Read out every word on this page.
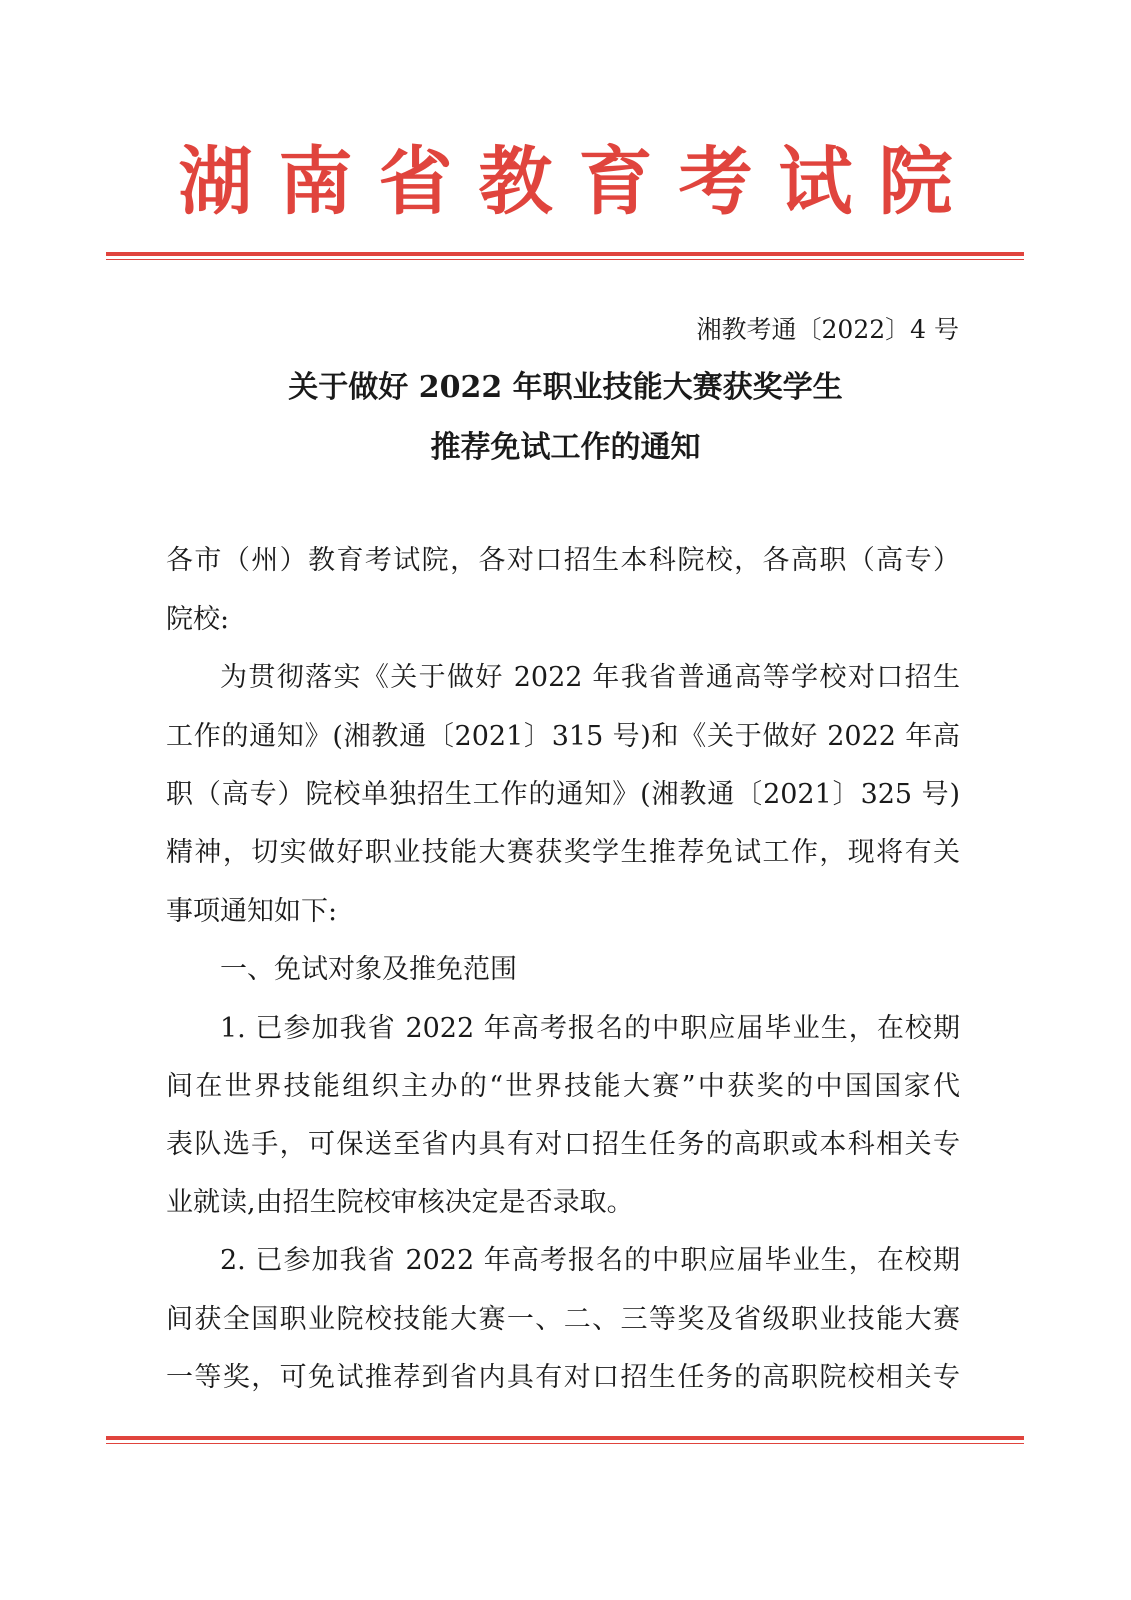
湖南省教育考试院
湘教考通〔2022〕4 号
关于做好 2022 年职业技能大赛获奖学生
推荐免试工作的通知
各市（州）教育考试院，各对口招生本科院校，各高职（高专）
院校:
为贯彻落实《关于做好 2022 年我省普通高等学校对口招生
工作的通知》(湘教通〔2021〕315 号)和《关于做好 2022 年高
职（高专）院校单独招生工作的通知》(湘教通〔2021〕325 号)
精神，切实做好职业技能大赛获奖学生推荐免试工作，现将有关
事项通知如下:
一、免试对象及推免范围
1. 已参加我省 2022 年高考报名的中职应届毕业生，在校期
间在世界技能组织主办的“世界技能大赛”中获奖的中国国家代
表队选手，可保送至省内具有对口招生任务的高职或本科相关专
业就读,由招生院校审核决定是否录取。
2. 已参加我省 2022 年高考报名的中职应届毕业生，在校期
间获全国职业院校技能大赛一、二、三等奖及省级职业技能大赛
一等奖，可免试推荐到省内具有对口招生任务的高职院校相关专
